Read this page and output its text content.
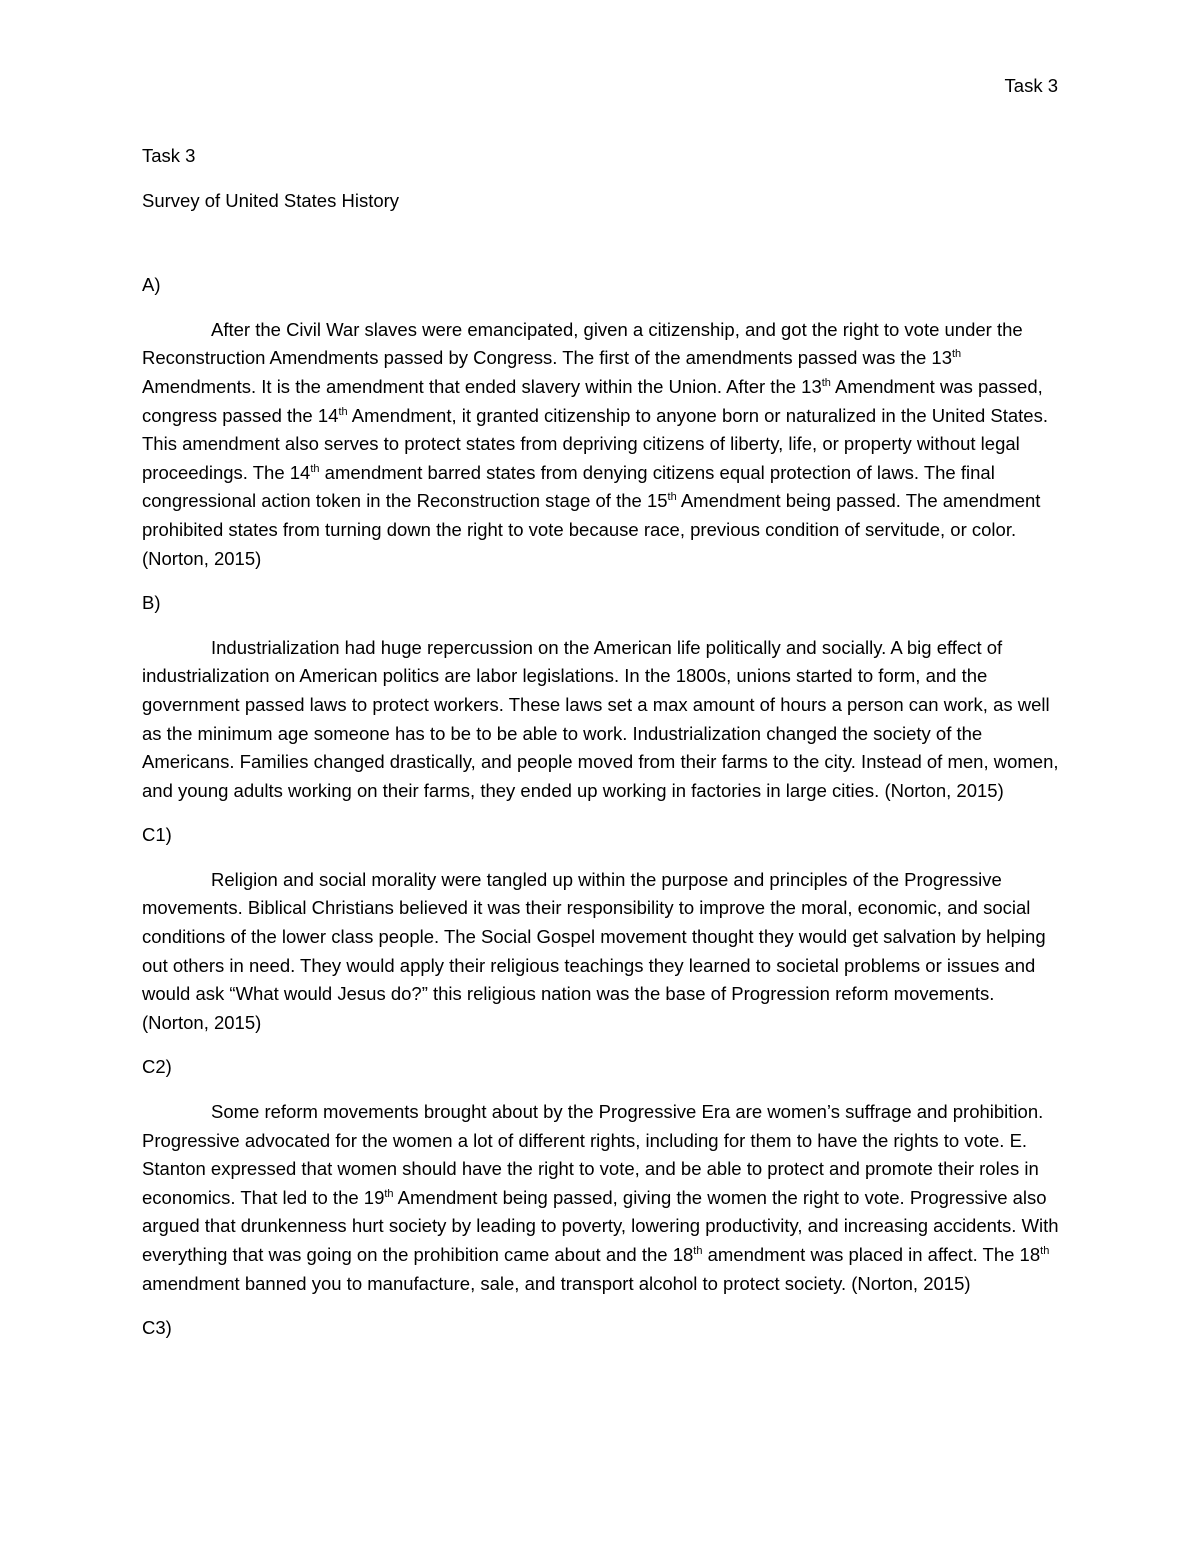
Task 3

Task 3

Survey of United States History

A)

After the Civil War slaves were emancipated, given a citizenship, and got the right to vote under the Reconstruction Amendments passed by Congress. The first of the amendments passed was the 13th Amendments. It is the amendment that ended slavery within the Union. After the 13th Amendment was passed, congress passed the 14th Amendment, it granted citizenship to anyone born or naturalized in the United States. This amendment also serves to protect states from depriving citizens of liberty, life, or property without legal proceedings. The 14th amendment barred states from denying citizens equal protection of laws. The final congressional action token in the Reconstruction stage of the 15th Amendment being passed. The amendment prohibited states from turning down the right to vote because race, previous condition of servitude, or color. (Norton, 2015)

B)

Industrialization had huge repercussion on the American life politically and socially. A big effect of industrialization on American politics are labor legislations. In the 1800s, unions started to form, and the government passed laws to protect workers. These laws set a max amount of hours a person can work, as well as the minimum age someone has to be to be able to work. Industrialization changed the society of the Americans. Families changed drastically, and people moved from their farms to the city. Instead of men, women, and young adults working on their farms, they ended up working in factories in large cities. (Norton, 2015)

C1)

Religion and social morality were tangled up within the purpose and principles of the Progressive movements. Biblical Christians believed it was their responsibility to improve the moral, economic, and social conditions of the lower class people. The Social Gospel movement thought they would get salvation by helping out others in need. They would apply their religious teachings they learned to societal problems or issues and would ask “What would Jesus do?” this religious nation was the base of Progression reform movements. (Norton, 2015)

C2)

Some reform movements brought about by the Progressive Era are women’s suffrage and prohibition. Progressive advocated for the women a lot of different rights, including for them to have the rights to vote. E. Stanton expressed that women should have the right to vote, and be able to protect and promote their roles in economics. That led to the 19th Amendment being passed, giving the women the right to vote. Progressive also argued that drunkenness hurt society by leading to poverty, lowering productivity, and increasing accidents. With everything that was going on the prohibition came about and the 18th amendment was placed in affect. The 18th amendment banned you to manufacture, sale, and transport alcohol to protect society. (Norton, 2015)

C3)
